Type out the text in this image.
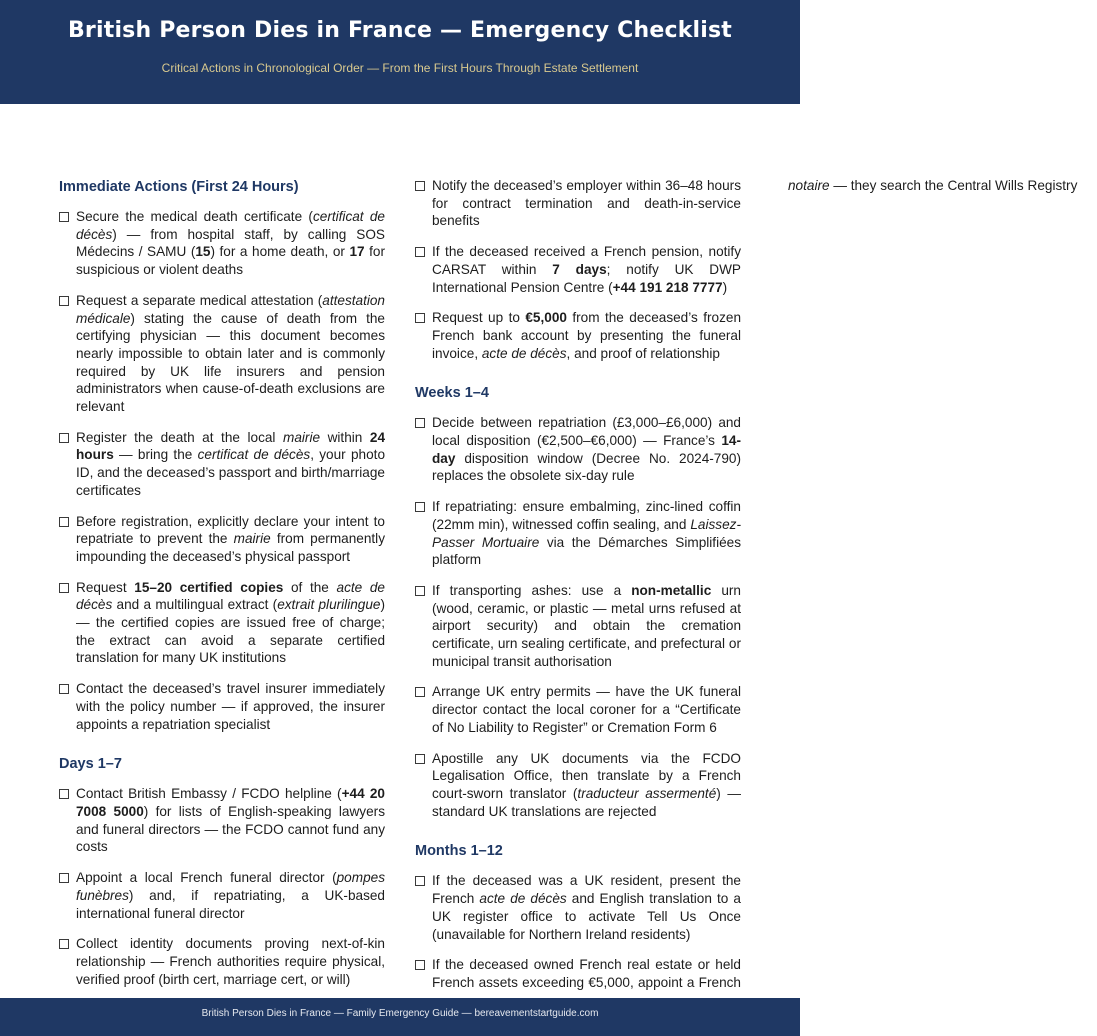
British Person Dies in France — Emergency Checklist
Critical Actions in Chronological Order — From the First Hours Through Estate Settlement
Immediate Actions (First 24 Hours)
Secure the medical death certificate (certificat de décès) — from hospital staff, by calling SOS Médecins / SAMU (15) for a home death, or 17 for suspicious or violent deaths
Request a separate medical attestation (attestation médicale) stating the cause of death from the certifying physician — this document becomes nearly impossible to obtain later and is commonly required by UK life insurers and pension administrators when cause-of-death exclusions are relevant
Register the death at the local mairie within 24 hours — bring the certificat de décès, your photo ID, and the deceased’s passport and birth/marriage certificates
Before registration, explicitly declare your intent to repatriate to prevent the mairie from permanently impounding the deceased’s physical passport
Request 15–20 certified copies of the acte de décès and a multilingual extract (extrait plurilingue) — the certified copies are issued free of charge; the extract can avoid a separate certified translation for many UK institutions
Contact the deceased’s travel insurer immediately with the policy number — if approved, the insurer appoints a repatriation specialist
Days 1–7
Contact British Embassy / FCDO helpline (+44 20 7008 5000) for lists of English-speaking lawyers and funeral directors — the FCDO cannot fund any costs
Appoint a local French funeral director (pompes funèbres) and, if repatriating, a UK-based international funeral director
Collect identity documents proving next-of-kin relationship — French authorities require physical, verified proof (birth cert, marriage cert, or will)
Notify the deceased’s employer within 36–48 hours for contract termination and death-in-service benefits
If the deceased received a French pension, notify CARSAT within 7 days; notify UK DWP International Pension Centre (+44 191 218 7777)
Request up to €5,000 from the deceased’s frozen French bank account by presenting the funeral invoice, acte de décès, and proof of relationship
Weeks 1–4
Decide between repatriation (£3,000–£6,000) and local disposition (€2,500–€6,000) — France’s 14-day disposition window (Decree No. 2024-790) replaces the obsolete six-day rule
If repatriating: ensure embalming, zinc-lined coffin (22mm min), witnessed coffin sealing, and Laissez-Passer Mortuaire via the Démarches Simplifiées platform
If transporting ashes: use a non-metallic urn (wood, ceramic, or plastic — metal urns refused at airport security) and obtain the cremation certificate, urn sealing certificate, and prefectural or municipal transit authorisation
Arrange UK entry permits — have the UK funeral director contact the local coroner for a “Certificate of No Liability to Register” or Cremation Form 6
Apostille any UK documents via the FCDO Legalisation Office, then translate by a French court-sworn translator (traducteur assermenté) — standard UK translations are rejected
Months 1–12
If the deceased was a UK resident, present the French acte de décès and English translation to a UK register office to activate Tell Us Once (unavailable for Northern Ireland residents)
If the deceased owned French real estate or held French assets exceeding €5,000, appoint a French notaire — they search the Central Wills Registry
British Person Dies in France — Family Emergency Guide — bereavementstartguide.com
